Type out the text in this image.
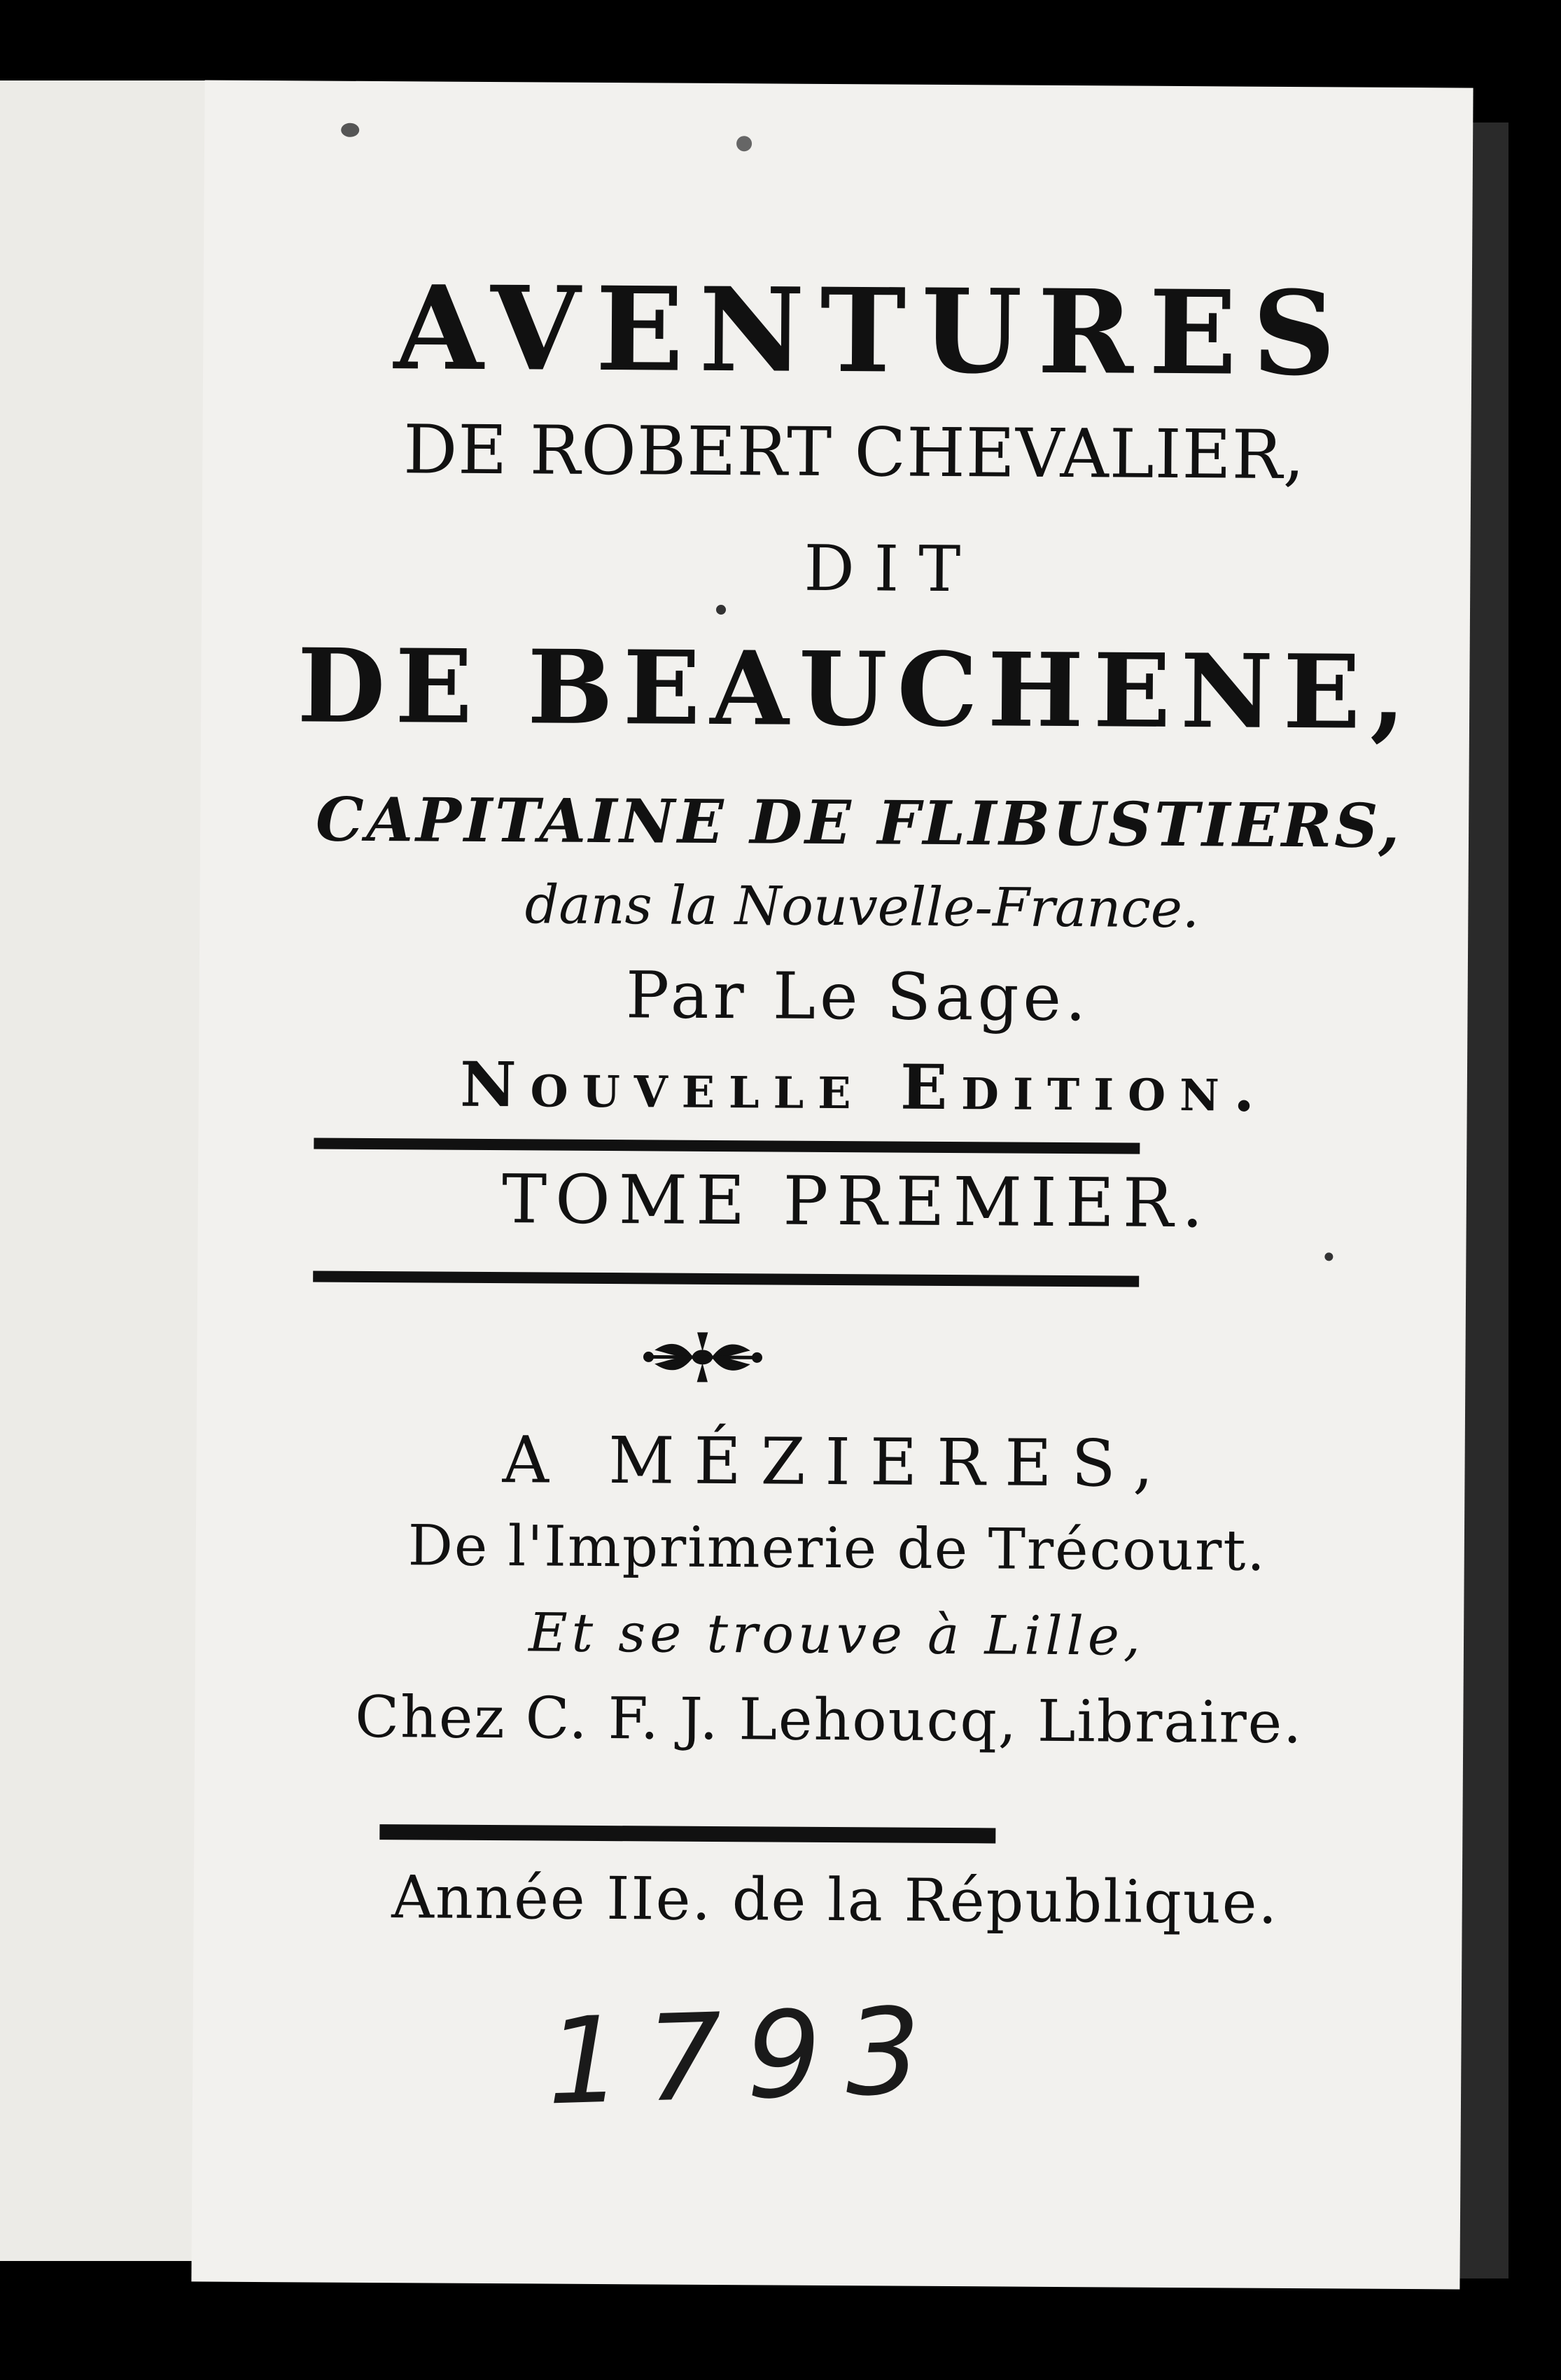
AVENTURES
DE ROBERT CHEVALIER,
DIT
DE BEAUCHENE,
CAPITAINE DE FLIBUSTIERS,
dans la Nouvelle-France.
Par Le Sage.
Nouvelle Edition.
TOME PREMIER.
A MÉZIERES,
De l'Imprimerie de Trécourt.
Et se trouve à Lille,
Chez C. F. J. Lehoucq, Libraire.
Année IIe. de la République.
1793
